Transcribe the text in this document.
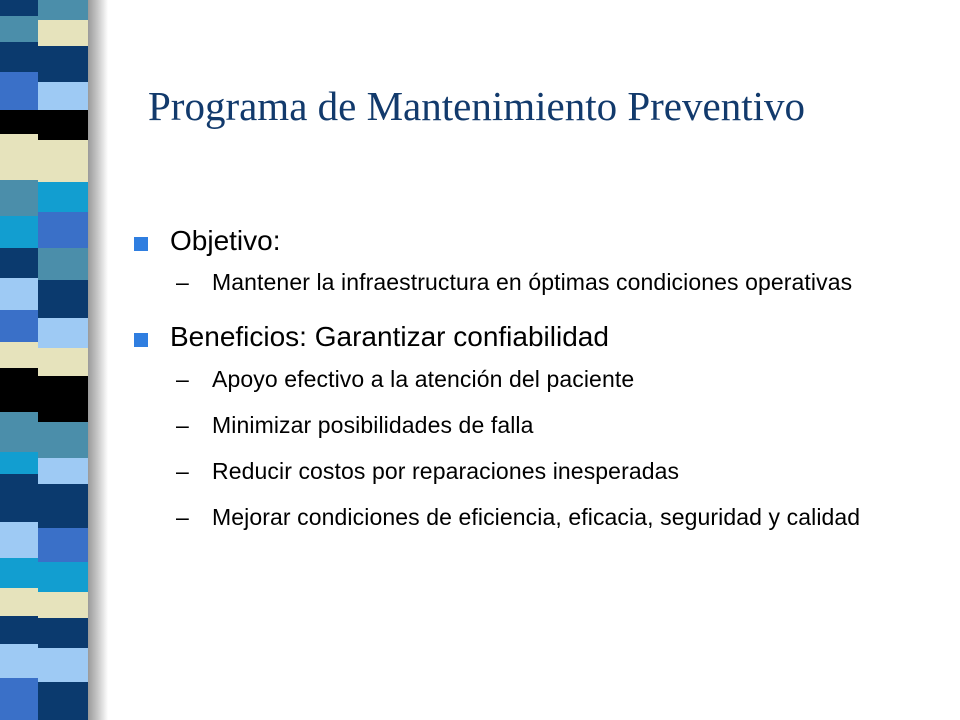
Programa de Mantenimiento Preventivo
Objetivo:
– Mantener la infraestructura en óptimas condiciones operativas
Beneficios: Garantizar confiabilidad
– Apoyo efectivo a la atención del paciente
– Minimizar posibilidades de falla
– Reducir costos por reparaciones inesperadas
– Mejorar condiciones de eficiencia, eficacia, seguridad y calidad
